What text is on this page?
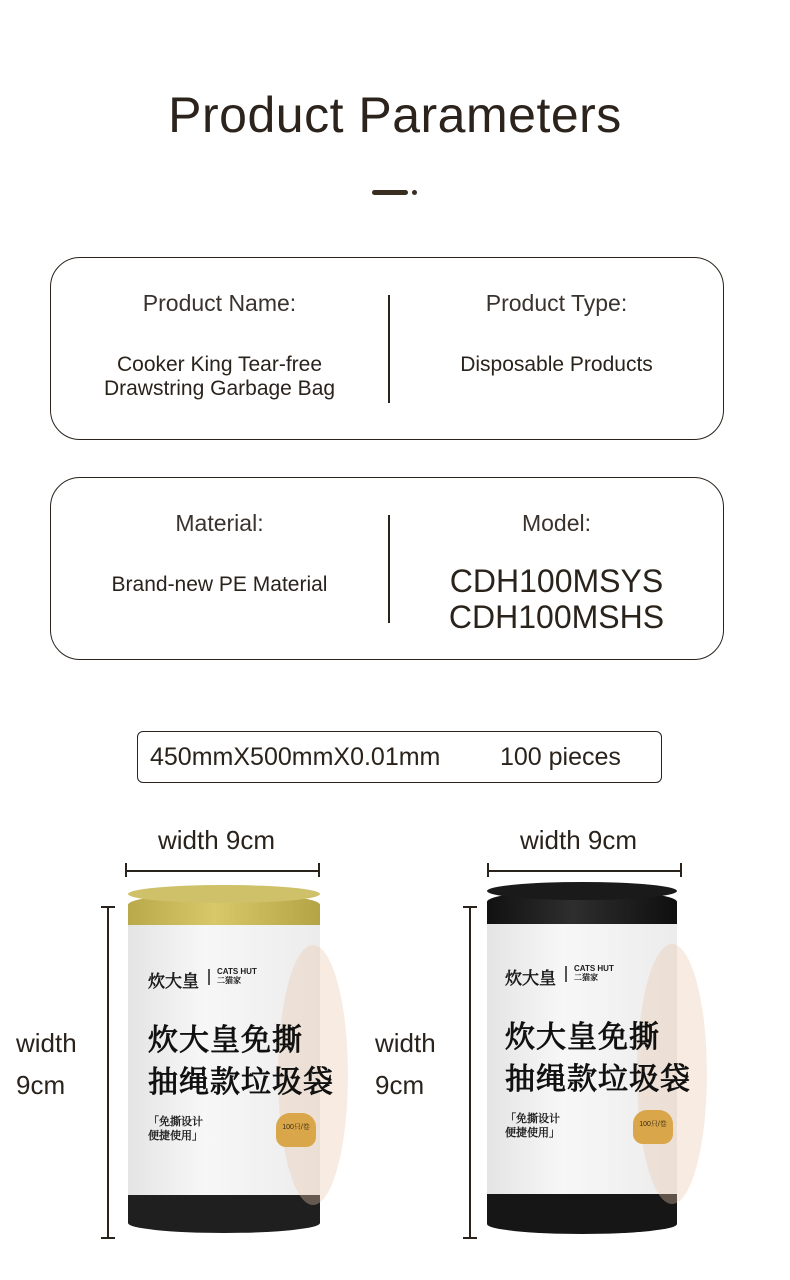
Product Parameters
Product Name:
Cooker King Tear-free
Drawstring Garbage Bag
Product Type:
Disposable Products
Material:
Brand-new PE Material
Model:
CDH100MSYS
CDH100MSHS
450mmX500mmX0.01mm 100 pieces
width 9cm
width
9cm
炊大皇
CATS HUT
二猫家
炊大皇免撕
抽绳款垃圾袋
「免撕设计
便捷使用」
100只/卷
width 9cm
width
9cm
炊大皇
CATS HUT
二猫家
炊大皇免撕
抽绳款垃圾袋
「免撕设计
便捷使用」
100只/卷
